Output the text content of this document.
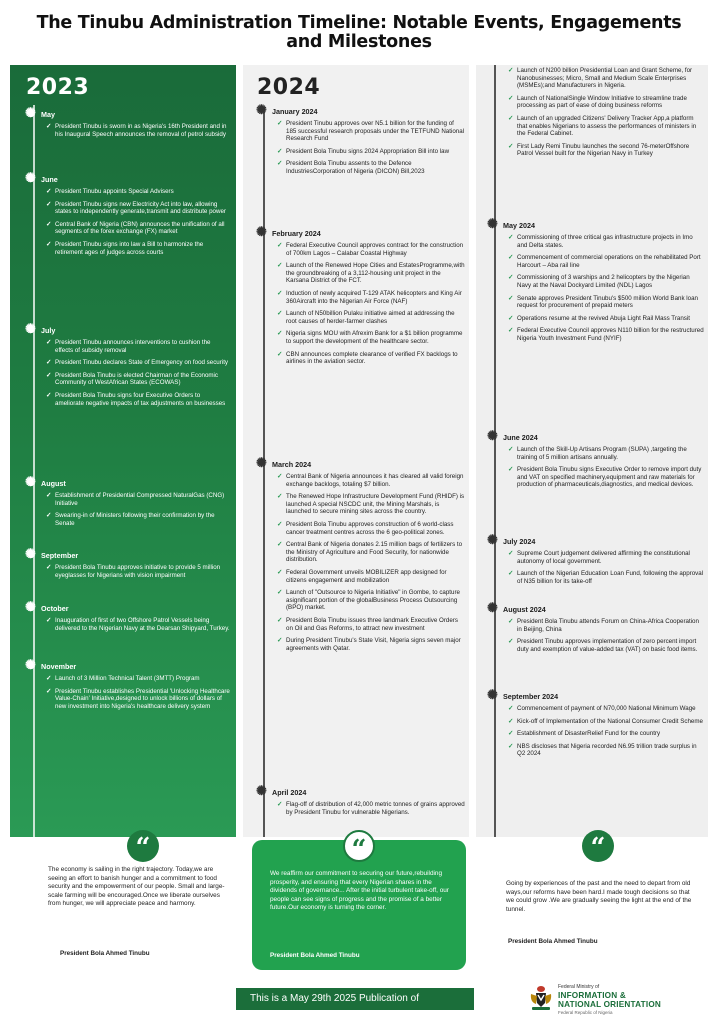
The Tinubu Administration Timeline: Notable Events, Engagements
and Milestones
2023
✺
May
✓ President Tinubu is sworn in as Nigeria's 16th President and in his Inaugural Speech announces the removal of petrol subsidy
✺
June
✓ President Tinubu appoints Special Advisers
✓ President Tinubu signs new Electricity Act into law, allowing states to independently generate,transmit and distribute power
✓ Central Bank of Nigeria (CBN) announces the unification of all segments of the forex exchange (FX) market
✓ President Tinubu signs into law a Bill to harmonize the retirement ages of judges across courts
✺
July
✓ President Tinubu announces interventions to cushion the effects of subsidy removal
✓ President Tinubu declares State of Emergency on food security
✓ President Bola Tinubu is elected Chairman of the Economic Community of WestAfrican States (ECOWAS)
✓ President Bola Tinubu signs four Executive Orders to ameliorate negative impacts of tax adjustments on businesses
✺
August
✓ Establishment of Presidential Compressed NaturalGas (CNG) Initiative
✓ Swearing-in of Ministers following their confirmation by the Senate
✺
September
✓ President Bola Tinubu approves initiative to provide 5 million eyeglasses for Nigerians with vision impairment
✺
October
✓ Inauguration of first of two Offshore Patrol Vessels being delivered to the Nigerian Navy at the Dearsan Shipyard, Turkey.
✺
November
✓ Launch of 3 Million Technical Talent (3MTT) Program
✓ President Tinubu establishes Presidential 'Unlocking Healthcare Value-Chain' Initiative,designed to unlock billions of dollars of new investment into Nigeria's healthcare delivery system
2024
✺
January 2024
✓ President Tinubu approves over N5.1 billion for the funding of 185 successful research proposals under the TETFUND National Research Fund
✓ President Bola Tinubu signs 2024 Appropriation Bill into law
✓ President Bola Tinubu assents to the Defence IndustriesCorporation of Nigeria (DICON) Bill,2023
✺
February 2024
✓ Federal Executive Council approves contract for the construction of 700km Lagos – Calabar Coastal Highway
✓ Launch of the Renewed Hope Cities and EstatesProgramme,with the groundbreaking of a 3,112-housing unit project in the Karsana District of the FCT.
✓ Induction of newly acquired T-129 ATAK helicopters and King Air 360Aircraft into the Nigerian Air Force (NAF)
✓ Launch of N50billion Pulaku initiative aimed at addressing the root causes of herder-farmer clashes
✓ Nigeria signs MOU with Afrexim Bank for a $1 billion programme to support the development of the healthcare sector.
✓ CBN announces complete clearance of verified FX backlogs to airlines in the aviation sector.
✺
March 2024
✓ Central Bank of Nigeria announces it has cleared all valid foreign exchange backlogs, totaling $7 billion.
✓ The Renewed Hope Infrastructure Development Fund (RHIDF) is launched A special NSCDC unit, the Mining Marshals, is launched to secure mining sites across the country.
✓ President Bola Tinubu approves construction of 6 world-class cancer treatment centres across the 6 geo-political zones.
✓ Central Bank of Nigeria donates 2.15 million bags of fertilizers to the Ministry of Agriculture and Food Security, for nationwide distribution.
✓ Federal Government unveils MOBILIZER app designed for citizens engagement and mobilization
✓ Launch of "Outsource to Nigeria Initiative" in Gombe, to capture asignificant portion of the globalBusiness Process Outsourcing (BPO) market.
✓ President Bola Tinubu issues three landmark Executive Orders on Oil and Gas Reforms, to attract new investment
✓ During President Tinubu's State Visit, Nigeria signs seven major agreements with Qatar.
✺
April 2024
✓ Flag-off of distribution of 42,000 metric tonnes of grains approved by President Tinubu for vulnerable Nigerians.
✓ Launch of N200 billion Presidential Loan and Grant Scheme, for Nanobusinesses; Micro, Small and Medium Scale Enterprises (MSMEs);and Manufacturers in Nigeria.
✓ Launch of NationalSingle Window Initiative to streamline trade processing as part of ease of doing business reforms
✓ Launch of an upgraded Citizens' Delivery Tracker App,a platform that enables Nigerians to assess the performances of ministers in the Federal Cabinet.
✓ First Lady Remi Tinubu launches the second 76-meterOffshore Patrol Vessel built for the Nigerian Navy in Turkey
✺
May 2024
✓ Commissioning of three critical gas infrastructure projects in Imo and Delta states.
✓ Commencement of commercial operations on the rehabilitated Port Harcourt – Aba rail line
✓ Commissioning of 3 warships and 2 helicopters by the Nigerian Navy at the Naval Dockyard Limited (NDL) Lagos
✓ Senate approves President Tinubu's $500 million World Bank loan request for procurement of prepaid meters
✓ Operations resume at the revived Abuja Light Rail Mass Transit
✓ Federal Executive Council approves N110 billion for the restructured Nigeria Youth Investment Fund (NYIF)
✺
June 2024
✓ Launch of the Skill-Up Artisans Program (SUPA) ,targeting the training of 5 million artisans annually.
✓ President Bola Tinubu signs Executive Order to remove import duty and VAT on specified machinery,equipment and raw materials for production of pharmaceuticals,diagnostics, and medical devices.
✺
July 2024
✓ Supreme Court judgement delivered affirming the constitutional autonomy of local government.
✓ Launch of the Nigerian Education Loan Fund, following the approval of N35 billion for its take-off
✺
August 2024
✓ President Bola Tinubu attends Forum on China-Africa Cooperation in Beijing, China
✓ President Tinubu approves implementation of zero percent import duty and exemption of value-added tax (VAT) on basic food items.
✺
September 2024
✓ Commencement of payment of N70,000 National Minimum Wage
✓ Kick-off of Implementation of the National Consumer Credit Scheme
✓ Establishment of DisasterRelief Fund for the country
✓ NBS discloses that Nigeria recorded N6.95 trillion trade surplus in Q2 2024
“
The economy is sailing in the right trajectory. Today,we are seeing an effort to banish hunger and a commitment to food security and the empowerment of our people. Small and large-scale farming will be encouraged.Once we liberate ourselves from hunger, we will appreciate peace and harmony.
President Bola Ahmed Tinubu
“
We reaffirm our commitment to securing our future,rebuilding prosperity, and ensuring that every Nigerian shares in the dividends of governance... After the initial turbulent take-off, our people can see signs of progress and the promise of a better future.Our economy is turning the corner.
President Bola Ahmed Tinubu
“
Going by experiences of the past and the need to depart from old ways,our reforms have been hard.I made tough decisions so that we could grow .We are gradually seeing the light at the end of the tunnel.
President Bola Ahmed Tinubu
This is a May 29th 2025 Publication of
Federal Ministry of
INFORMATION &
NATIONAL ORIENTATION
Federal Republic of Nigeria
